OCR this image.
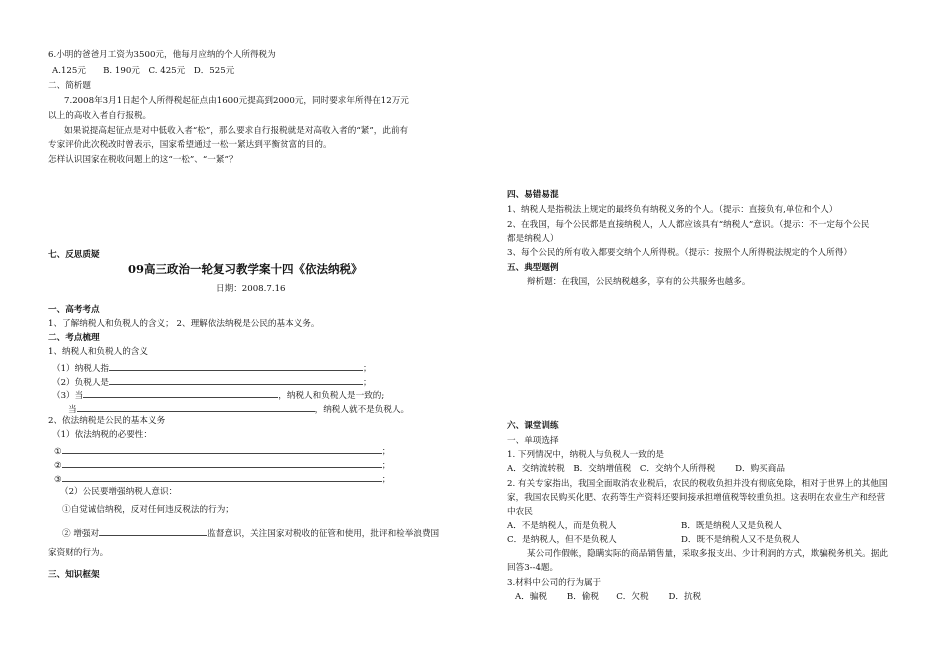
6.小明的爸爸月工资为3500元，他每月应纳的个人所得税为
A.125元　　B. 190元　C. 425元　D．525元
二、简析题
7.2008年3月1日起个人所得税起征点由1600元提高到2000元，同时要求年所得在12万元
以上的高收入者自行报税。
如果说提高起征点是对中低收入者“松”，那么要求自行报税就是对高收入者的“紧”，此前有
专家评价此次税改时曾表示，国家希望通过一松一紧达到平衡贫富的目的。
怎样认识国家在税收问题上的这“一松”、“一紧”？
七、反思质疑
09高三政治一轮复习教学案十四《依法纳税》
日期：2008.7.16
一、高考考点
1、了解纳税人和负税人的含义； 2、理解依法纳税是公民的基本义务。
二、考点梳理
1、纳税人和负税人的含义
（1）纳税人指	；
（2）负税人是	；
（3）当	，纳税人和负税人是一致的;
当	，纳税人就不是负税人。
2、依法纳税是公民的基本义务
（1）依法纳税的必要性：
①	；
②	；
③	；
（2）公民要增强纳税人意识：
①自觉诚信纳税，反对任何违反税法的行为；
② 增强对	监督意识，关注国家对税收的征管和使用，批评和检举浪费国
家资财的行为。
三、知识框架
四、易错易混
1、纳税人是指税法上规定的最终负有纳税义务的个人。（提示：直接负有,单位和个人）
2、在我国，每个公民都是直接纳税人，人人都应该具有“纳税人”意识。（提示：不一定每个公民
都是纳税人）
3、每个公民的所有收入都要交纳个人所得税。（提示：按照个人所得税法规定的个人所得）
五、典型题例
辩析题：在我国，公民纳税越多，享有的公共服务也越多。
六、课堂训练
一、单项选择
1. 下列情况中，纳税人与负税人一致的是
A．交纳流转税　B．交纳增值税　C．交纳个人所得税　　 D．购买商品
2. 有关专家指出，我国全面取消农业税后，农民的税收负担并没有彻底免除，相对于世界上的其他国
家，我国农民购买化肥、农药等生产资料还要间接承担增值税等较重负担。这表明在农业生产和经营
中农民
A．不是纳税人，而是负税人	B．既是纳税人又是负税人
C．是纳税人，但不是负税人	D．既不是纳税人又不是负税人
某公司作假帐，隐瞒实际的商品销售量，采取多报支出、少计利润的方式，欺骗税务机关。据此
回答3--4题。
3.材料中公司的行为属于
A．骗税　　 B．偷税　　C．欠税　　 D．抗税
